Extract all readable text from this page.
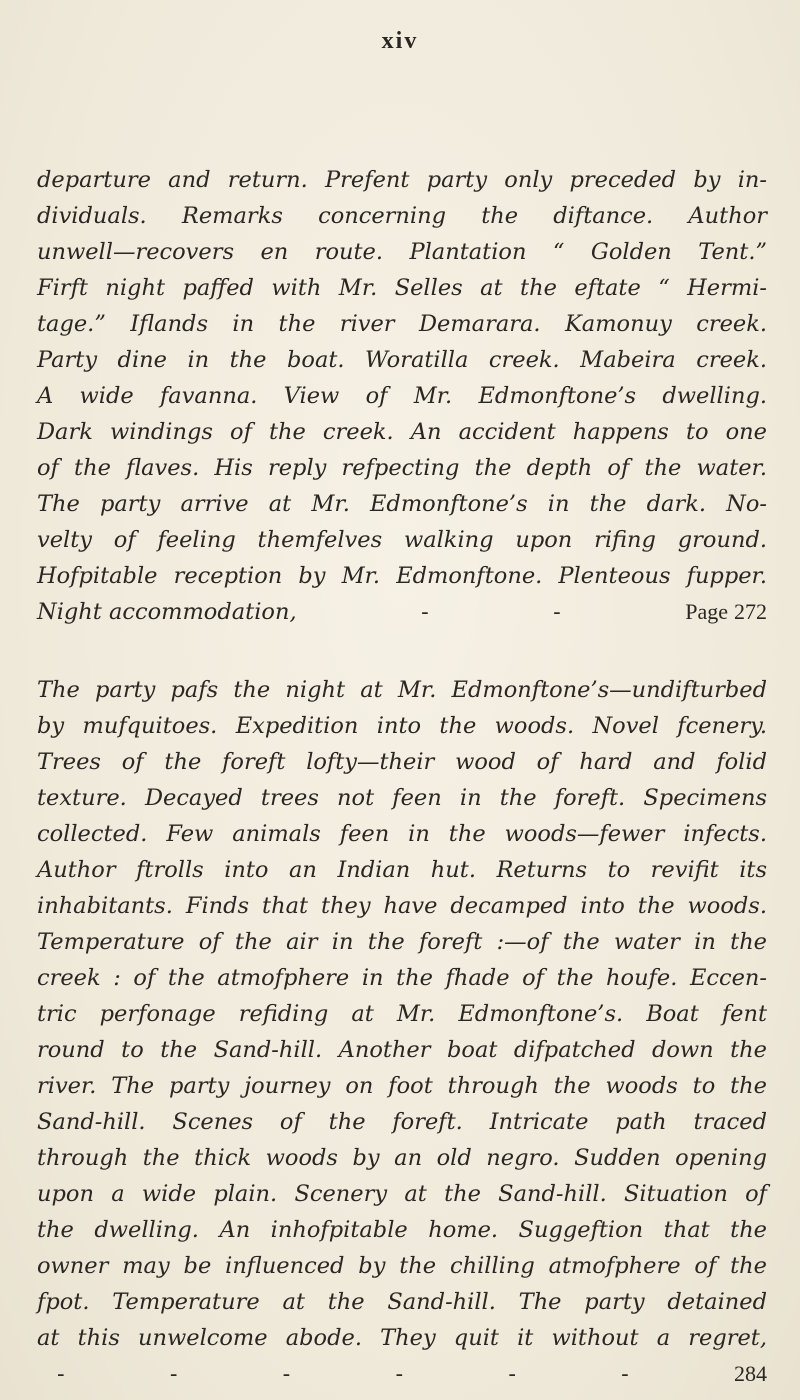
xiv
departure and return. Prefent party only preceded by in-
dividuals. Remarks concerning the diftance. Author
unwell—recovers en route. Plantation “ Golden Tent.”
Firft night paffed with Mr. Selles at the eftate “ Hermi-
tage.” Iflands in the river Demarara. Kamonuy creek.
Party dine in the boat. Woratilla creek. Mabeira creek.
A wide favanna. View of Mr. Edmonftone’s dwelling.
Dark windings of the creek. An accident happens to one
of the flaves. His reply refpecting the depth of the water.
The party arrive at Mr. Edmonftone’s in the dark. No-
velty of feeling themfelves walking upon rifing ground.
Hofpitable reception by Mr. Edmonftone. Plenteous fupper.
Night accommodation,	-	-	Page 272
The party pafs the night at Mr. Edmonftone’s—undifturbed
by mufquitoes. Expedition into the woods. Novel fcenery.
Trees of the foreft lofty—their wood of hard and folid
texture. Decayed trees not feen in the foreft. Specimens
collected. Few animals feen in the woods—fewer infects.
Author ftrolls into an Indian hut. Returns to revifit its
inhabitants. Finds that they have decamped into the woods.
Temperature of the air in the foreft :—of the water in the
creek : of the atmofphere in the fhade of the houfe. Eccen-
tric perfonage refiding at Mr. Edmonftone’s. Boat fent
round to the Sand-hill. Another boat difpatched down the
river. The party journey on foot through the woods to the
Sand-hill. Scenes of the foreft. Intricate path traced
through the thick woods by an old negro. Sudden opening
upon a wide plain. Scenery at the Sand-hill. Situation of
the dwelling. An inhofpitable home. Suggeftion that the
owner may be influenced by the chilling atmofphere of the
fpot. Temperature at the Sand-hill. The party detained
at this unwelcome abode. They quit it without a regret,
-	-	-	-	-	-	284
